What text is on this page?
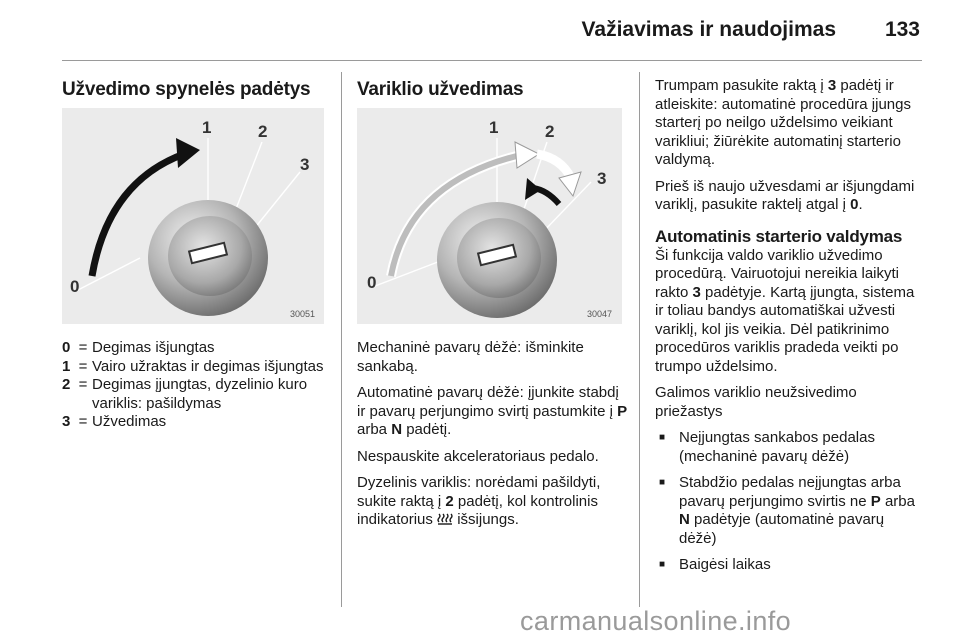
Važiavimas ir naudojimas 133
Užvedimo spynelės padėtys
0
1	2
3
30051
0 = Degimas išjungtas
1 = Vairo užraktas ir degimas išjungtas
2 = Degimas įjungtas, dyzelinio kuro variklis: pašildymas
3 = Užvedimas
Variklio užvedimas
0
1	2
3
30047

Mechaninė pavarų dėžė: išminkite sankabą.

Automatinė pavarų dėžė: įjunkite stabdį ir pavarų perjungimo svirtį pastumkite į P arba N padėtį.

Nespauskite akceleratoriaus pedalo.

Dyzelinis variklis: norėdami pašildyti, sukite raktą į 2 padėtį, kol kontrolinis indikatorius  išsijungs.

Trumpam pasukite raktą į 3 padėtį ir atleiskite: automatinė procedūra įjungs starterį po neilgo uždelsimo veikiant varikliui; žiūrėkite automatinį starterio valdymą.

Prieš iš naujo užvesdami ar išjungdami variklį, pasukite raktelį atgal į 0.

Automatinis starterio valdymas

Ši funkcija valdo variklio užvedimo procedūrą. Vairuotojui nereikia laikyti rakto 3 padėtyje. Kartą įjungta, sistema ir toliau bandys automatiškai užvesti variklį, kol jis veikia. Dėl patikrinimo procedūros variklis pradeda veikti po trumpo uždelsimo.

Galimos variklio neužsivedimo priežastys

■ Neįjungtas sankabos pedalas (mechaninė pavarų dėžė)
■ Stabdžio pedalas neįjungtas arba pavarų perjungimo svirtis ne P arba N padėtyje (automatinė pavarų dėžė)
■ Baigėsi laikas
carmanualsonline.info
